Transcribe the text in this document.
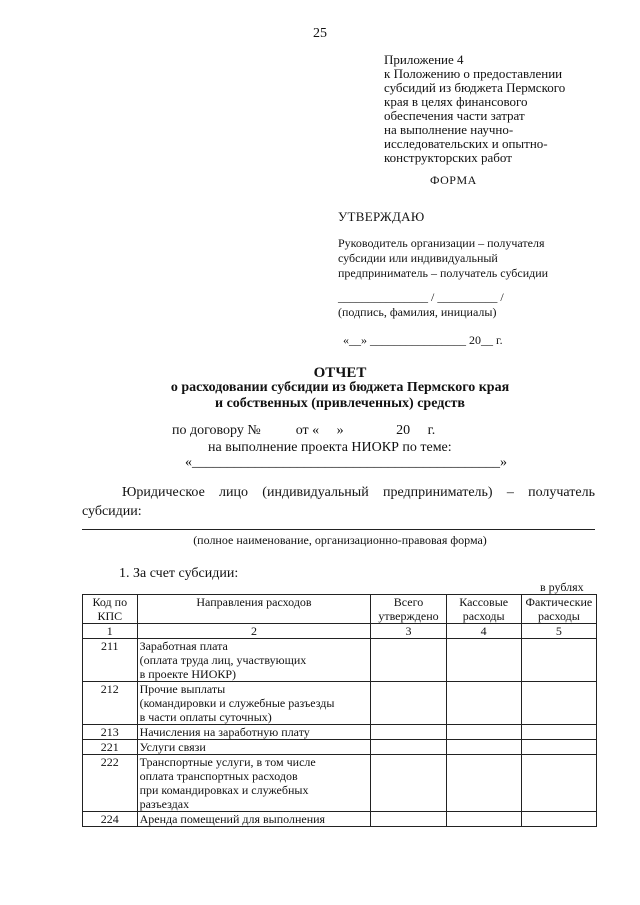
25
Приложение 4
к Положению о предоставлении
субсидий из бюджета Пермского
края в целях финансового
обеспечения части затрат
на выполнение научно-
исследовательских и опытно-
конструкторских работ
ФОРМА
УТВЕРЖДАЮ
Руководитель организации – получателя
субсидии или индивидуальный
предприниматель – получатель субсидии
_______________ / __________ /
(подпись, фамилия, инициалы)
«__» ________________ 20__ г.
ОТЧЕТ
о расходовании субсидии из бюджета Пермского края
и собственных (привлеченных) средств
по договору №          от «     »               20     г.
на выполнение проекта НИОКР по теме:
«____________________________________________»
Юридическое лицо (индивидуальный предприниматель) – получатель субсидии:
(полное наименование, организационно-правовая форма)
1. За счет субсидии:
в рублях
Код по КПС	Направления расходов	Всего утверждено	Кассовые расходы	Фактические расходы
1	2	3	4	5
211	Заработная плата
(оплата труда лиц, участвующих
в проекте НИОКР)			

212	Прочие выплаты
(командировки и служебные разъезды
в части оплаты суточных)			

213	Начисления на заработную плату			

221	Услуги связи			

222	Транспортные услуги, в том числе
оплата транспортных расходов
при командировках и служебных
разъездах			

224	Аренда помещений для выполнения			
